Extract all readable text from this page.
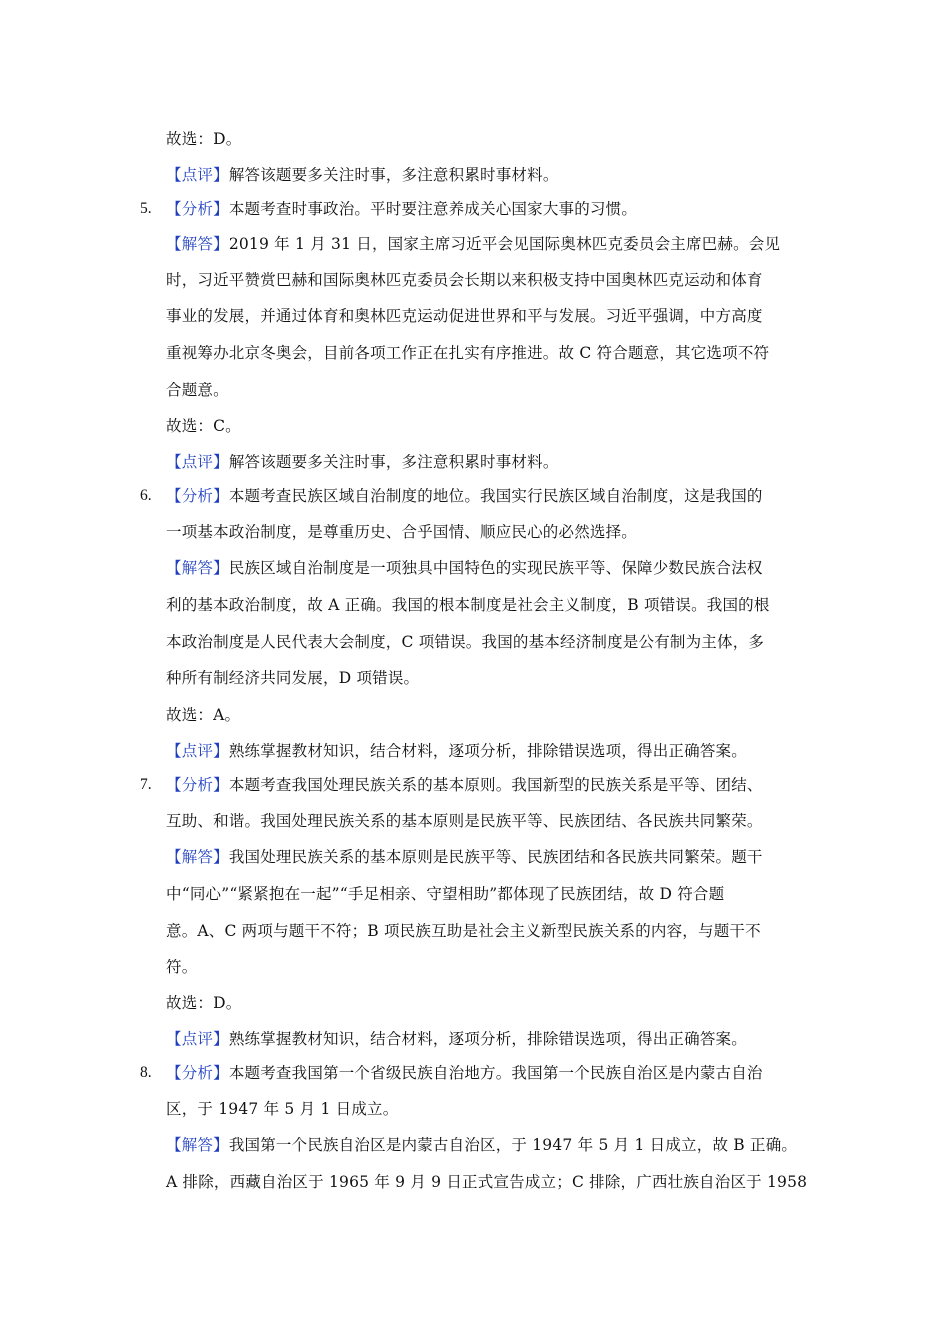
故选：D。
【点评】解答该题要多关注时事，多注意积累时事材料。
5. 【分析】本题考查时事政治。平时要注意养成关心国家大事的习惯。
【解答】2019 年 1 月 31 日，国家主席习近平会见国际奥林匹克委员会主席巴赫。会见
时，习近平赞赏巴赫和国际奥林匹克委员会长期以来积极支持中国奥林匹克运动和体育
事业的发展，并通过体育和奥林匹克运动促进世界和平与发展。习近平强调，中方高度
重视筹办北京冬奥会，目前各项工作正在扎实有序推进。故 C 符合题意，其它选项不符
合题意。
故选：C。
【点评】解答该题要多关注时事，多注意积累时事材料。
6. 【分析】本题考查民族区域自治制度的地位。我国实行民族区域自治制度，这是我国的
一项基本政治制度，是尊重历史、合乎国情、顺应民心的必然选择。
【解答】民族区域自治制度是一项独具中国特色的实现民族平等、保障少数民族合法权
利的基本政治制度，故 A 正确。我国的根本制度是社会主义制度，B 项错误。我国的根
本政治制度是人民代表大会制度，C 项错误。我国的基本经济制度是公有制为主体，多
种所有制经济共同发展，D 项错误。
故选：A。
【点评】熟练掌握教材知识，结合材料，逐项分析，排除错误选项，得出正确答案。
7. 【分析】本题考查我国处理民族关系的基本原则。我国新型的民族关系是平等、团结、
互助、和谐。我国处理民族关系的基本原则是民族平等、民族团结、各民族共同繁荣。
【解答】我国处理民族关系的基本原则是民族平等、民族团结和各民族共同繁荣。题干
中“同心”“紧紧抱在一起”“手足相亲、守望相助”都体现了民族团结，故 D 符合题
意。A、C 两项与题干不符；B 项民族互助是社会主义新型民族关系的内容，与题干不
符。
故选：D。
【点评】熟练掌握教材知识，结合材料，逐项分析，排除错误选项，得出正确答案。
8. 【分析】本题考查我国第一个省级民族自治地方。我国第一个民族自治区是内蒙古自治
区，于 1947 年 5 月 1 日成立。
【解答】我国第一个民族自治区是内蒙古自治区，于 1947 年 5 月 1 日成立，故 B 正确。
A 排除，西藏自治区于 1965 年 9 月 9 日正式宣告成立；C 排除，广西壮族自治区于 1958
